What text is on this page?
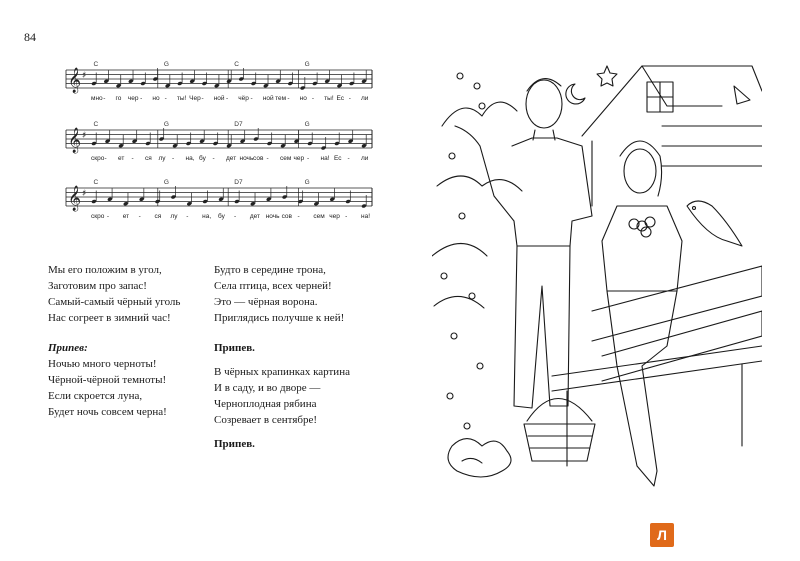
84
𝄞 ♯
C	G	C	G
мно - го чер - но - ты! Чер - ной - чёр - ной тем - но - ты! Ес - ли
𝄞 ♯
C	G	D7	G
скро - ет - ся лу - на, бу - дет ночь сов - сем чер - на! Ес - ли
𝄞 ♯
C	G	D7	G
скро - ет - ся лу - на, бу - дет ночь сов - сем чер - на!
Мы его положим в угол,
Заготовим про запас!
Самый-самый чёрный уголь
Нас согреет в зимний час!
Припев:
Ночью много черноты!
Чёрной-чёрной темноты!
Если скроется луна,
Будет ночь совсем черна!
Будто в середине трона,
Села птица, всех черней!
Это — чёрная ворона.
Приглядись получше к ней!
Припев.
В чёрных крапинках картина
И в саду, и во дворе —
Черноплодная рябина
Созревает в сентябре!
Припев.
Л
